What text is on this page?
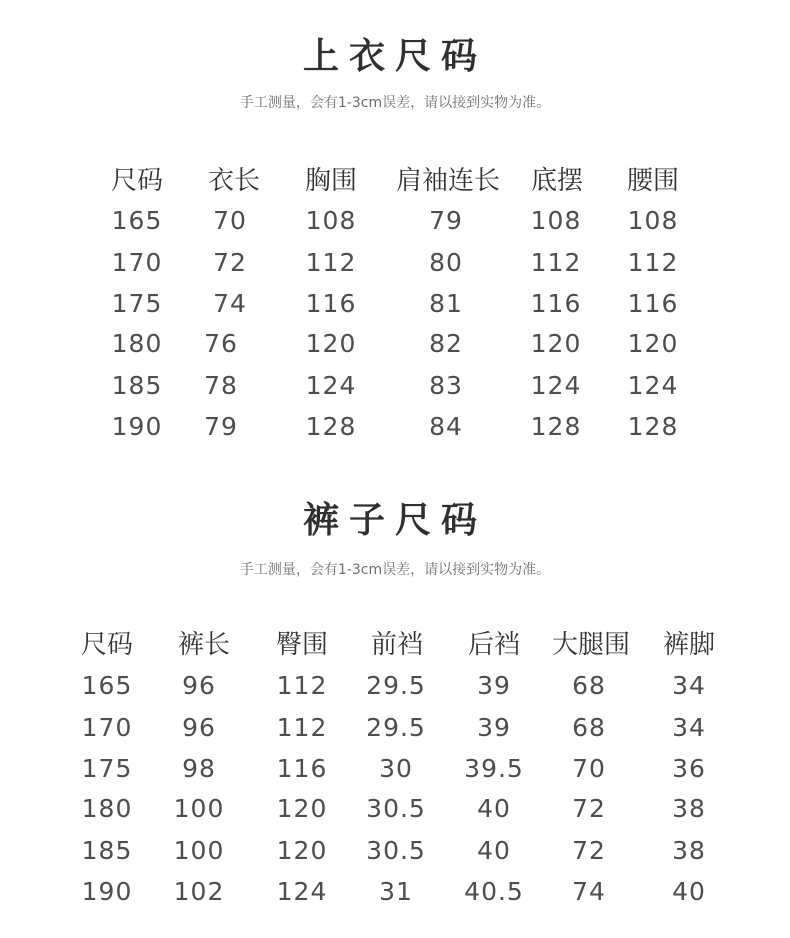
上衣尺码
手工测量，会有1-3cm误差，请以接到实物为准。
尺码 衣长 胸围 肩袖连长 底摆 腰围
165 70 108	79	108 108
170 72 112	80	112 112
175 74 116	81	116 116
180 76	120	82	120 120
185 78	124	83	124 124
190 79	128	84	128 128
裤子尺码
手工测量，会有1-3cm误差，请以接到实物为准。
尺码 裤长 臀围 前裆 后裆 大腿围 裤脚
165 96 112 29.5 39 68	34
170 96 112 29.5 39 68	34
175 98 116 30 39.5 70	36
180 100 120 30.5 40 72	38
185 100 120 30.5 40 72	38
190 102 124 31 40.5 74	40
